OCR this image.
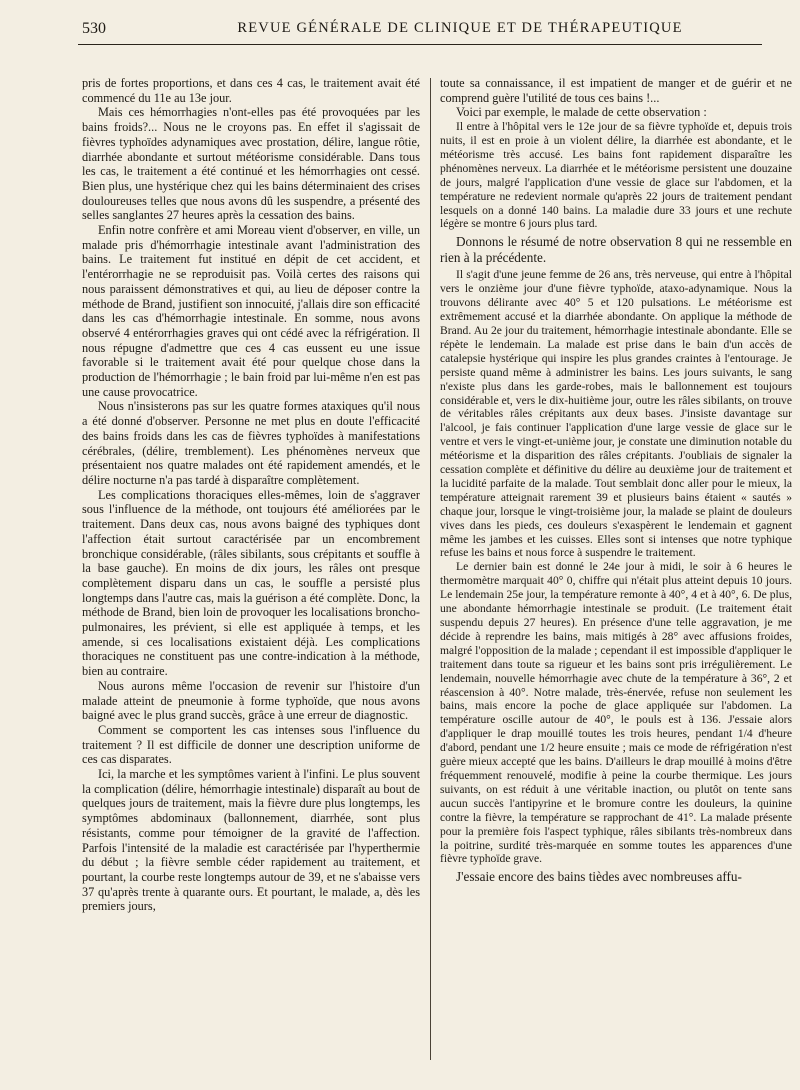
530	REVUE GÉNÉRALE DE CLINIQUE ET DE THÉRAPEUTIQUE

pris de fortes proportions, et dans ces 4 cas, le traitement avait été commencé du 11e au 13e jour.

Mais ces hémorrhagies n'ont-elles pas été provoquées par les bains froids?... Nous ne le croyons pas. En effet il s'agissait de fièvres typhoïdes adynamiques avec prostation, délire, langue rôtie, diarrhée abondante et surtout météorisme considérable. Dans tous les cas, le traitement a été continué et les hémorrhagies ont cessé. Bien plus, une hystérique chez qui les bains déterminaient des crises douloureuses telles que nous avons dû les suspendre, a présenté des selles sanglantes 27 heures après la cessation des bains.

Enfin notre confrère et ami Moreau vient d'observer, en ville, un malade pris d'hémorrhagie intestinale avant l'administration des bains. Le traitement fut institué en dépit de cet accident, et l'entérorrhagie ne se reproduisit pas. Voilà certes des raisons qui nous paraissent démonstratives et qui, au lieu de déposer contre la méthode de Brand, justifient son innocuité, j'allais dire son efficacité dans les cas d'hémorrhagie intestinale. En somme, nous avons observé 4 entérorrhagies graves qui ont cédé avec la réfrigération. Il nous répugne d'admettre que ces 4 cas eussent eu une issue favorable si le traitement avait été pour quelque chose dans la production de l'hémorrhagie ; le bain froid par lui-même n'en est pas une cause provocatrice.

Nous n'insisterons pas sur les quatre formes ataxiques qu'il nous a été donné d'observer. Personne ne met plus en doute l'efficacité des bains froids dans les cas de fièvres typhoïdes à manifestations cérébrales, (délire, tremblement). Les phénomènes nerveux que présentaient nos quatre malades ont été rapidement amendés, et le délire nocturne n'a pas tardé à disparaître complètement.

Les complications thoraciques elles-mêmes, loin de s'aggraver sous l'influence de la méthode, ont toujours été améliorées par le traitement. Dans deux cas, nous avons baigné des typhiques dont l'affection était surtout caractérisée par un encombrement bronchique considérable, (râles sibilants, sous crépitants et souffle à la base gauche). En moins de dix jours, les râles ont presque complètement disparu dans un cas, le souffle a persisté plus longtemps dans l'autre cas, mais la guérison a été complète. Donc, la méthode de Brand, bien loin de provoquer les localisations broncho-pulmonaires, les prévient, si elle est appliquée à temps, et les amende, si ces localisations existaient déjà. Les complications thoraciques ne constituent pas une contre-indication à la méthode, bien au contraire.

Nous aurons même l'occasion de revenir sur l'histoire d'un malade atteint de pneumonie à forme typhoïde, que nous avons baigné avec le plus grand succès, grâce à une erreur de diagnostic.

Comment se comportent les cas intenses sous l'influence du traitement ? Il est difficile de donner une description uniforme de ces cas disparates.

Ici, la marche et les symptômes varient à l'infini. Le plus souvent la complication (délire, hémorrhagie intestinale) disparaît au bout de quelques jours de traitement, mais la fièvre dure plus longtemps, les symptômes abdominaux (ballonnement, diarrhée, sont plus résistants, comme pour témoigner de la gravité de l'affection. Parfois l'intensité de la maladie est caractérisée par l'hyperthermie du début ; la fièvre semble céder rapidement au traitement, et pourtant, la courbe reste longtemps autour de 39, et ne s'abaisse vers 37 qu'après trente à quarante ours. Et pourtant, le malade, a, dès les premiers jours,

toute sa connaissance, il est impatient de manger et de guérir et ne comprend guère l'utilité de tous ces bains !...

Voici par exemple, le malade de cette observation :

Il entre à l'hôpital vers le 12e jour de sa fièvre typhoïde et, depuis trois nuits, il est en proie à un violent délire, la diarrhée est abondante, et le météorisme très accusé. Les bains font rapidement disparaître les phénomènes nerveux. La diarrhée et le météorisme persistent une douzaine de jours, malgré l'application d'une vessie de glace sur l'abdomen, et la température ne redevient normale qu'après 22 jours de traitement pendant lesquels on a donné 140 bains. La maladie dure 33 jours et une rechute légère se montre 6 jours plus tard.

Donnons le résumé de notre observation 8 qui ne ressemble en rien à la précédente.

Il s'agit d'une jeune femme de 26 ans, très nerveuse, qui entre à l'hôpital vers le onzième jour d'une fièvre typhoïde, ataxo-adynamique. Nous la trouvons délirante avec 40° 5 et 120 pulsations. Le météorisme est extrêmement accusé et la diarrhée abondante. On applique la méthode de Brand. Au 2e jour du traitement, hémorrhagie intestinale abondante. Elle se répète le lendemain. La malade est prise dans le bain d'un accès de catalepsie hystérique qui inspire les plus grandes craintes à l'entourage. Je persiste quand même à administrer les bains. Les jours suivants, le sang n'existe plus dans les garde-robes, mais le ballonnement est toujours considérable et, vers le dix-huitième jour, outre les râles sibilants, on trouve de véritables râles crépitants aux deux bases. J'insiste davantage sur l'alcool, je fais continuer l'application d'une large vessie de glace sur le ventre et vers le vingt-et-unième jour, je constate une diminution notable du météorisme et la disparition des râles crépitants. J'oubliais de signaler la cessation complète et définitive du délire au deuxième jour de traitement et la lucidité parfaite de la malade. Tout semblait donc aller pour le mieux, la température atteignait rarement 39 et plusieurs bains étaient « sautés » chaque jour, lorsque le vingt-troisième jour, la malade se plaint de douleurs vives dans les pieds, ces douleurs s'exaspèrent le lendemain et gagnent même les jambes et les cuisses. Elles sont si intenses que notre typhique refuse les bains et nous force à suspendre le traitement.

Le dernier bain est donné le 24e jour à midi, le soir à 6 heures le thermomètre marquait 40° 0, chiffre qui n'était plus atteint depuis 10 jours. Le lendemain 25e jour, la température remonte à 40°, 4 et à 40°, 6. De plus, une abondante hémorrhagie intestinale se produit. (Le traitement était suspendu depuis 27 heures). En présence d'une telle aggravation, je me décide à reprendre les bains, mais mitigés à 28° avec affusions froides, malgré l'opposition de la malade ; cependant il est impossible d'appliquer le traitement dans toute sa rigueur et les bains sont pris irrégulièrement. Le lendemain, nouvelle hémorrhagie avec chute de la température à 36°, 2 et réascension à 40°. Notre malade, très-énervée, refuse non seulement les bains, mais encore la poche de glace appliquée sur l'abdomen. La température oscille autour de 40°, le pouls est à 136. J'essaie alors d'appliquer le drap mouillé toutes les trois heures, pendant 1/4 d'heure d'abord, pendant une 1/2 heure ensuite ; mais ce mode de réfrigération n'est guère mieux accepté que les bains. D'ailleurs le drap mouillé à moins d'être fréquemment renouvelé, modifie à peine la courbe thermique. Les jours suivants, on est réduit à une véritable inaction, ou plutôt on tente sans aucun succès l'antipyrine et le bromure contre les douleurs, la quinine contre la fièvre, la température se rapprochant de 41°. La malade présente pour la première fois l'aspect typhique, râles sibilants très-nombreux dans la poitrine, surdité très-marquée en somme toutes les apparences d'une fièvre typhoïde grave.

J'essaie encore des bains tièdes avec nombreuses affu-
